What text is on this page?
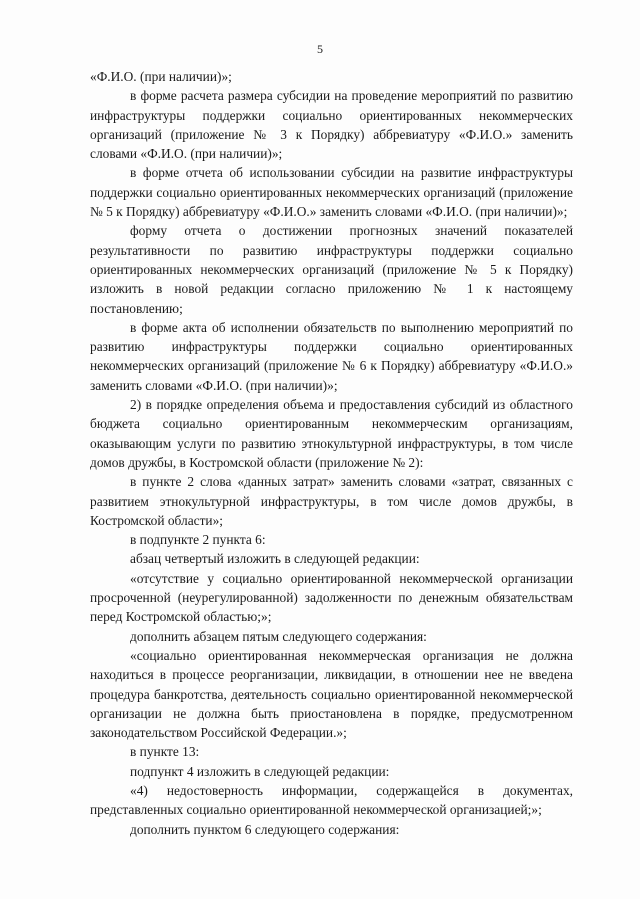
5

«Ф.И.О. (при наличии)»;

в форме расчета размера субсидии на проведение мероприятий по развитию инфраструктуры поддержки социально ориентированных некоммерческих организаций (приложение № 3 к Порядку) аббревиатуру «Ф.И.О.» заменить словами «Ф.И.О. (при наличии)»;

в форме отчета об использовании субсидии на развитие инфраструктуры поддержки социально ориентированных некоммерческих организаций (приложение № 5 к Порядку) аббревиатуру «Ф.И.О.» заменить словами «Ф.И.О. (при наличии)»;

форму отчета о достижении прогнозных значений показателей результативности по развитию инфраструктуры поддержки социально ориентированных некоммерческих организаций (приложение № 5 к Порядку) изложить в новой редакции согласно приложению № 1 к настоящему постановлению;

в форме акта об исполнении обязательств по выполнению мероприятий по развитию инфраструктуры поддержки социально ориентированных некоммерческих организаций (приложение № 6 к Порядку) аббревиатуру «Ф.И.О.» заменить словами «Ф.И.О. (при наличии)»;

2) в порядке определения объема и предоставления субсидий из областного бюджета социально ориентированным некоммерческим организациям, оказывающим услуги по развитию этнокультурной инфраструктуры, в том числе домов дружбы, в Костромской области (приложение № 2):

в пункте 2 слова «данных затрат» заменить словами «затрат, связанных с развитием этнокультурной инфраструктуры, в том числе домов дружбы, в Костромской области»;

в подпункте 2 пункта 6:

абзац четвертый изложить в следующей редакции:

«отсутствие у социально ориентированной некоммерческой организации просроченной (неурегулированной) задолженности по денежным обязательствам перед Костромской областью;»;

дополнить абзацем пятым следующего содержания:

«социально ориентированная некоммерческая организация не должна находиться в процессе реорганизации, ликвидации, в отношении нее не введена процедура банкротства, деятельность социально ориентированной некоммерческой организации не должна быть приостановлена в порядке, предусмотренном законодательством Российской Федерации.»;

в пункте 13:

подпункт 4 изложить в следующей редакции:

«4) недостоверность информации, содержащейся в документах, представленных социально ориентированной некоммерческой организацией;»;

дополнить пунктом 6 следующего содержания:
